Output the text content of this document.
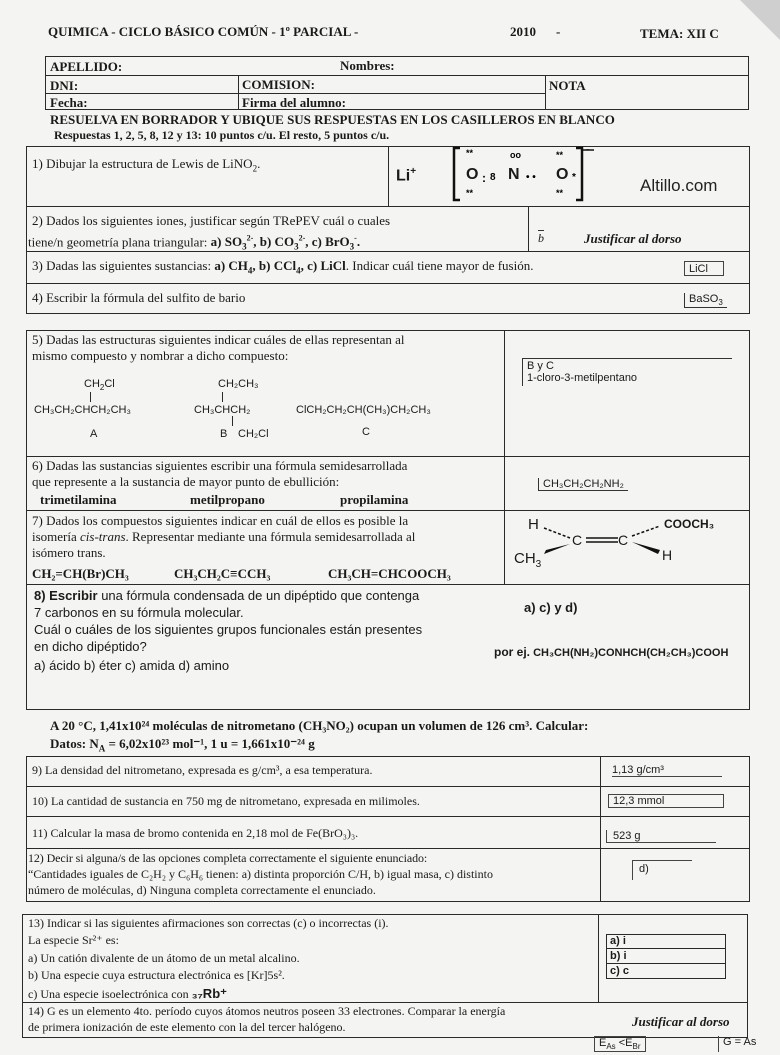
QUIMICA - CICLO BÁSICO COMÚN - 1º PARCIAL -	2010 -	TEMA: XII C
APELLIDO:	Nombres:
DNI:	COMISION:	NOTA
Fecha:	Firma del alumno:
RESUELVA EN BORRADOR Y UBIQUE SUS RESPUESTAS EN LOS CASILLEROS EN BLANCO
Respuestas 1, 2, 5, 8, 12 y 13: 10 puntos c/u. El resto, 5 puntos c/u.
1) Dibujar la estructura de Lewis de LiNO$_2$.
Li+
**	oo	**
**	**
: 8	• •	*
O N O
-
Altillo.com
2) Dados los siguientes iones, justificar según TRePEV cuál o cuales
tiene/n geometría plana triangular: a) $SO_3^{2-}$, b) $CO_3^{2-}$, c) BrO$_3$-.	b	Justificar al dorso
3) Dadas las siguientes sustancias: a) $CH_4$, b) CCl$_4$, c) LiCl. Indicar cuál tiene mayor de fusión.	LiCl
4) Escribir la fórmula del sulfito de bario	BaSO$_3$
5) Dadas las estructuras siguientes indicar cuáles de ellas representan al
mismo compuesto y nombrar a dicho compuesto:
$CH_2Cl$
CH₃CH₂CHCH₂CH₃
A
CH₂CH₃
CH₃CHCH₂
B CH₂Cl
ClCH₂CH₂CH(CH₃)CH₂CH₃
C
B y C
1-cloro-3-metilpentano
6) Dadas las sustancias siguientes escribir una fórmula semidesarrollada
que represente a la sustancia de mayor punto de ebullición:
trimetilamina	metilpropano	propilamina
CH₃CH₂CH₂NH₂
7) Dados los compuestos siguientes indicar en cuál de ellos es posible la
isomería cis-trans. Representar mediante una fórmula semidesarrollada al
isómero trans.
CH₂=CH(Br)CH₃	CH₃CH₂C≡CCH₃	CH₃CH=CHCOOCH₃
H
C	C
COOCH₃
$CH_3$
H
8) Escribir una fórmula condensada de un dipéptido que contenga
7 carbonos en su fórmula molecular.
Cuál o cuáles de los siguientes grupos funcionales están presentes
en dicho dipéptido?
a) ácido b) éter c) amida d) amino
a) c) y d)
por ej. CH₃CH(NH₂)CONHCH(CH₂CH₃)COOH
A 20 °C, 1,41x10²⁴ moléculas de nitrometano (CH₃NO₂) ocupan un volumen de 126 cm³. Calcular:
Datos: $N_A = 6,02x10^{23}$ mol⁻¹, 1 u = 1,661x10⁻²⁴ g
9) La densidad del nitrometano, expresada es g/cm³, a esa temperatura.	1,13 g/cm³
10) La cantidad de sustancia en 750 mg de nitrometano, expresada en milimoles.	12,3 mmol
11) Calcular la masa de bromo contenida en 2,18 mol de Fe(BrO₃)₃.	523 g
12) Decir si alguna/s de las opciones completa correctamente el siguiente enunciado:
“Cantidades iguales de C₂H₂ y C₆H₆ tienen: a) distinta proporción C/H, b) igual masa, c) distinto
número de moléculas, d) Ninguna completa correctamente el enunciado.
d)
13) Indicar si las siguientes afirmaciones son correctas (c) o incorrectas (i).
La especie Sr²⁺ es:
a) Un catión divalente de un átomo de un metal alcalino.
b) Una especie cuya estructura electrónica es [Kr]5s².
c) Una especie isoelectrónica con ₃₇Rb⁺
a) i
b) i
c) c
14) G es un elemento 4to. período cuyos átomos neutros poseen 33 electrones. Comparar la energía
de primera ionización de este elemento con la del tercer halógeno.	Justificar al dorso
$E_{As} <E_{Br}$	G = As
